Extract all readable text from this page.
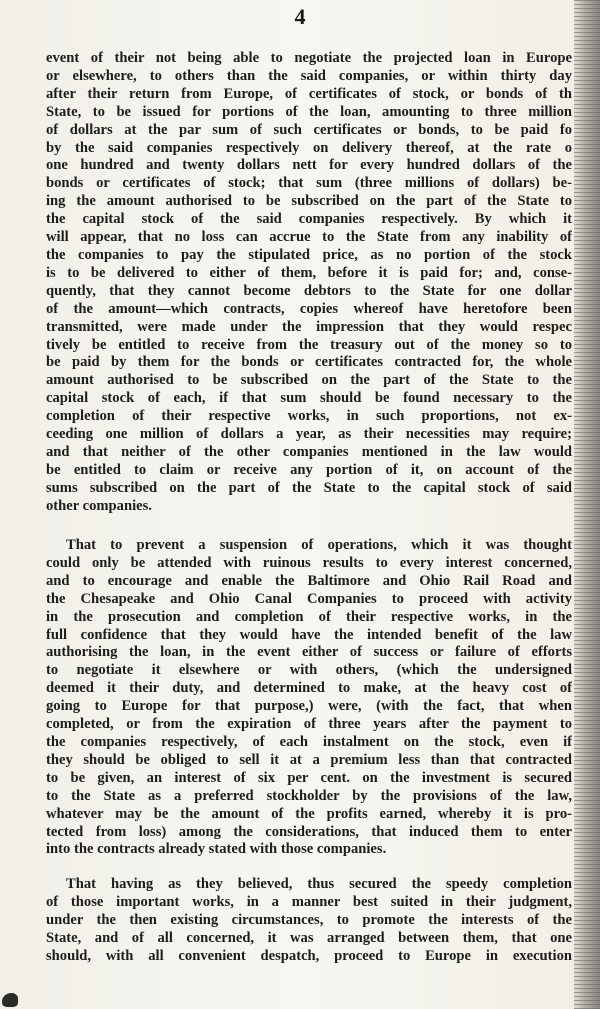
4
event of their not being able to negotiate the projected loan in Europe
or elsewhere, to others than the said companies, or within thirty day
after their return from Europe, of certificates of stock, or bonds of th
State, to be issued for portions of the loan, amounting to three million
of dollars at the par sum of such certificates or bonds, to be paid fo
by the said companies respectively on delivery thereof, at the rate o
one hundred and twenty dollars nett for every hundred dollars of the
bonds or certificates of stock; that sum (three millions of dollars) be-
ing the amount authorised to be subscribed on the part of the State to
the capital stock of the said companies respectively. By which it
will appear, that no loss can accrue to the State from any inability of
the companies to pay the stipulated price, as no portion of the stock
is to be delivered to either of them, before it is paid for; and, conse-
quently, that they cannot become debtors to the State for one dollar
of the amount—which contracts, copies whereof have heretofore been
transmitted, were made under the impression that they would respec
tively be entitled to receive from the treasury out of the money so to
be paid by them for the bonds or certificates contracted for, the whole
amount authorised to be subscribed on the part of the State to the
capital stock of each, if that sum should be found necessary to the
completion of their respective works, in such proportions, not ex-
ceeding one million of dollars a year, as their necessities may require;
and that neither of the other companies mentioned in the law would
be entitled to claim or receive any portion of it, on account of the
sums subscribed on the part of the State to the capital stock of said
other companies.
That to prevent a suspension of operations, which it was thought
could only be attended with ruinous results to every interest concerned,
and to encourage and enable the Baltimore and Ohio Rail Road and
the Chesapeake and Ohio Canal Companies to proceed with activity
in the prosecution and completion of their respective works, in the
full confidence that they would have the intended benefit of the law
authorising the loan, in the event either of success or failure of efforts
to negotiate it elsewhere or with others, (which the undersigned
deemed it their duty, and determined to make, at the heavy cost of
going to Europe for that purpose,) were, (with the fact, that when
completed, or from the expiration of three years after the payment to
the companies respectively, of each instalment on the stock, even if
they should be obliged to sell it at a premium less than that contracted
to be given, an interest of six per cent. on the investment is secured
to the State as a preferred stockholder by the provisions of the law,
whatever may be the amount of the profits earned, whereby it is pro-
tected from loss) among the considerations, that induced them to enter
into the contracts already stated with those companies.
That having as they believed, thus secured the speedy completion
of those important works, in a manner best suited in their judgment,
under the then existing circumstances, to promote the interests of the
State, and of all concerned, it was arranged between them, that one
should, with all convenient despatch, proceed to Europe in execution
